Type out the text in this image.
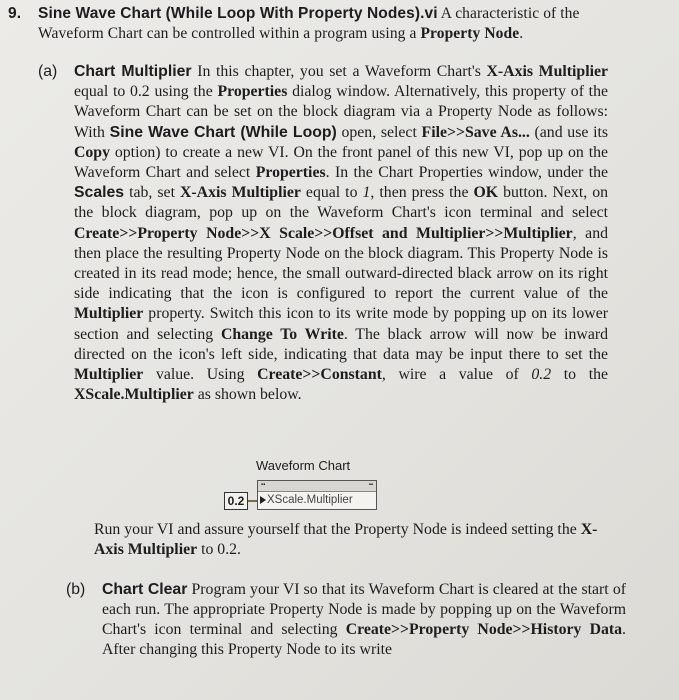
9. Sine Wave Chart (While Loop With Property Nodes).vi A characteristic of the Waveform Chart can be controlled within a program using a Property Node.
(a) Chart Multiplier In this chapter, you set a Waveform Chart's X-Axis Multiplier equal to 0.2 using the Properties dialog window. Alternatively, this property of the Waveform Chart can be set on the block diagram via a Property Node as follows: With Sine Wave Chart (While Loop) open, select File>>Save As... (and use its Copy option) to create a new VI. On the front panel of this new VI, pop up on the Waveform Chart and select Properties. In the Chart Properties window, under the Scales tab, set X-Axis Multiplier equal to 1, then press the OK button. Next, on the block diagram, pop up on the Waveform Chart's icon terminal and select Create>>Property Node>>X Scale>>Offset and Multiplier>>Multiplier, and then place the resulting Property Node on the block diagram. This Property Node is created in its read mode; hence, the small outward-directed black arrow on its right side indicating that the icon is configured to report the current value of the Multiplier property. Switch this icon to its write mode by popping up on its lower section and selecting Change To Write. The black arrow will now be inward directed on the icon's left side, indicating that data may be input there to set the Multiplier value. Using Create>>Constant, wire a value of 0.2 to the XScale.Multiplier as shown below.
Waveform Chart
0.2
▪▪	▪▪
XScale.Multiplier
Run your VI and assure yourself that the Property Node is indeed setting the X-Axis Multiplier to 0.2.
(b) Chart Clear Program your VI so that its Waveform Chart is cleared at the start of each run. The appropriate Property Node is made by popping up on the Waveform Chart's icon terminal and selecting Create>>Property Node>>History Data. After changing this Property Node to its write
